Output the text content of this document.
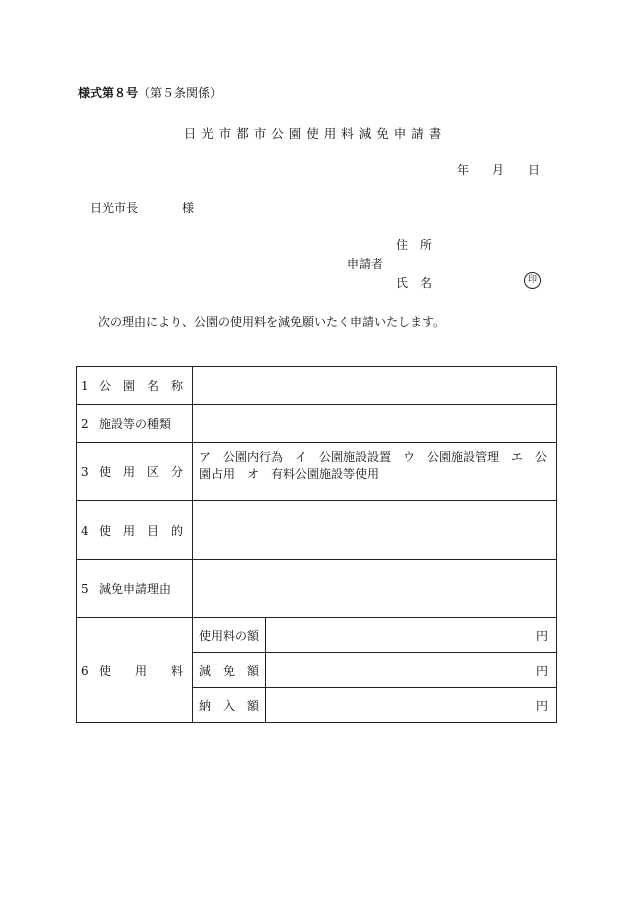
様式第８号（第５条関係）
日光市都市公園使用料減免申請書
年 月 日
日光市長	様
住　所
申請者
氏　名	印
次の理由により、公園の使用料を減免願いたく申請いたします。
1 公　園　名　称		
2 施設等の種類		
3 使　用　区　分	ア　公園内行為　イ　公園施設設置　ウ　公園施設管理　エ　公園占用　オ　有料公園施設等使用	
4 使　用　目　的		
5 減免申請理由		
6 使　　用　　料	使用料の額	円
	減　免　額	円
	納　入　額	円
